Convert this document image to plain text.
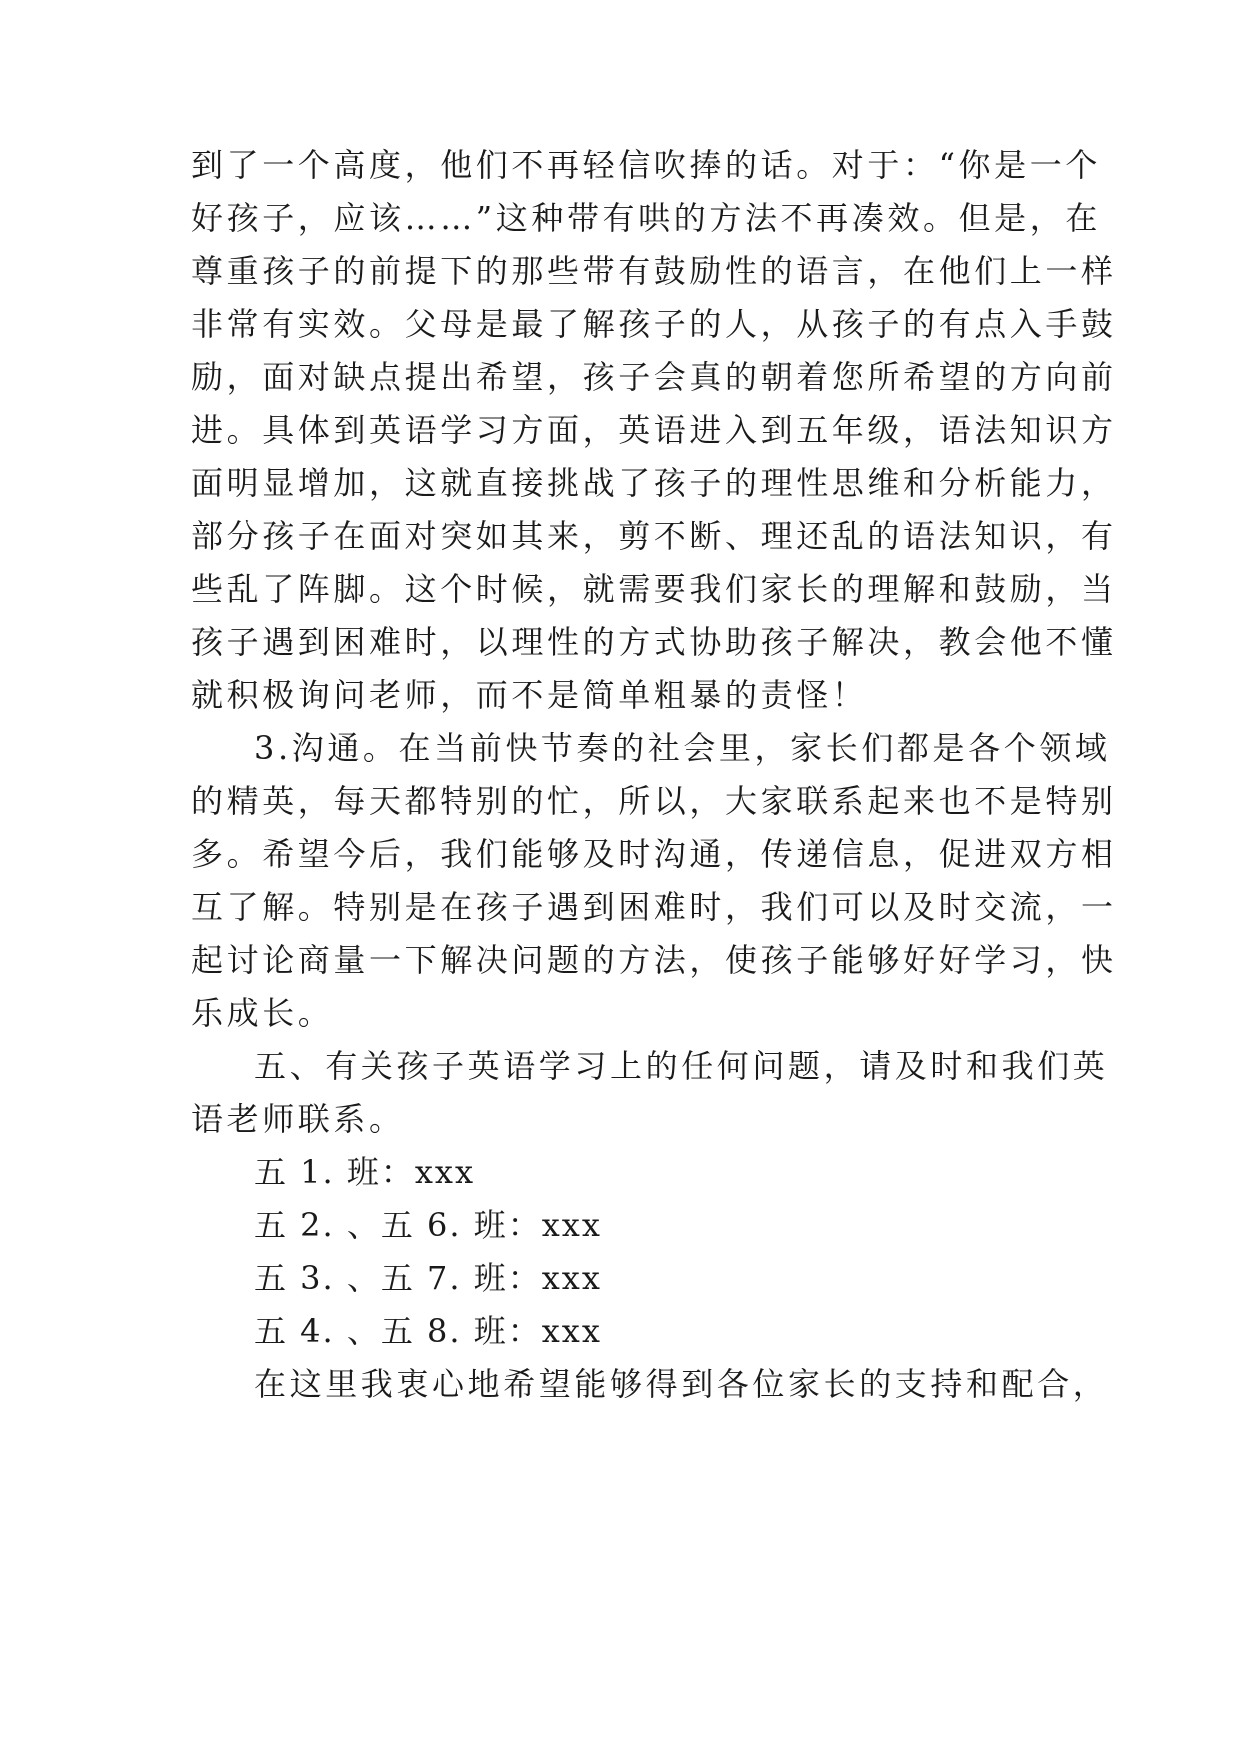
到了一个高度，他们不再轻信吹捧的话。对于：“你是一个
好孩子，应该……”这种带有哄的方法不再凑效。但是，在
尊重孩子的前提下的那些带有鼓励性的语言，在他们上一样
非常有实效。父母是最了解孩子的人，从孩子的有点入手鼓
励，面对缺点提出希望，孩子会真的朝着您所希望的方向前
进。具体到英语学习方面，英语进入到五年级，语法知识方
面明显增加，这就直接挑战了孩子的理性思维和分析能力，
部分孩子在面对突如其来，剪不断、理还乱的语法知识，有
些乱了阵脚。这个时候，就需要我们家长的理解和鼓励，当
孩子遇到困难时，以理性的方式协助孩子解决，教会他不懂
就积极询问老师，而不是简单粗暴的责怪！
3.沟通。在当前快节奏的社会里，家长们都是各个领域
的精英，每天都特别的忙，所以，大家联系起来也不是特别
多。希望今后，我们能够及时沟通，传递信息，促进双方相
互了解。特别是在孩子遇到困难时，我们可以及时交流，一
起讨论商量一下解决问题的方法，使孩子能够好好学习，快
乐成长。
五、有关孩子英语学习上的任何问题，请及时和我们英
语老师联系。
五 1. 班：xxx
五 2. 、五 6. 班：xxx
五 3. 、五 7. 班：xxx
五 4. 、五 8. 班：xxx
在这里我衷心地希望能够得到各位家长的支持和配合，
